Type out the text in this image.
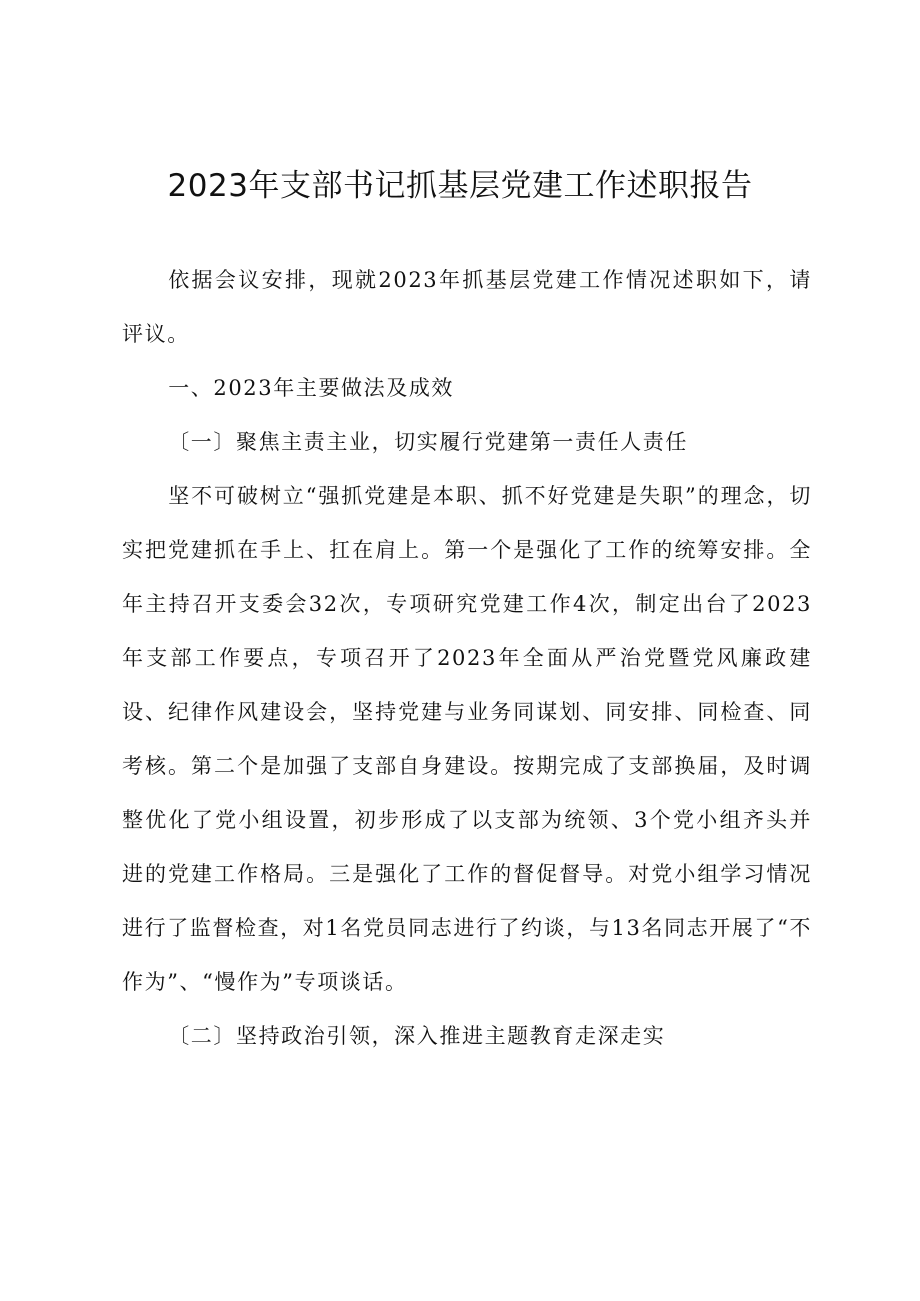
2023年支部书记抓基层党建工作述职报告

依据会议安排，现就2023年抓基层党建工作情况述职如下，请评议。

一、2023年主要做法及成效

〔一〕聚焦主责主业，切实履行党建第一责任人责任

坚不可破树立“强抓党建是本职、抓不好党建是失职”的理念，切实把党建抓在手上、扛在肩上。第一个是强化了工作的统筹安排。全年主持召开支委会32次，专项研究党建工作4次，制定出台了2023年支部工作要点，专项召开了2023年全面从严治党暨党风廉政建设、纪律作风建设会，坚持党建与业务同谋划、同安排、同检查、同考核。第二个是加强了支部自身建设。按期完成了支部换届，及时调整优化了党小组设置，初步形成了以支部为统领、3个党小组齐头并进的党建工作格局。三是强化了工作的督促督导。对党小组学习情况进行了监督检查，对1名党员同志进行了约谈，与13名同志开展了“不作为”、“慢作为”专项谈话。

〔二〕坚持政治引领，深入推进主题教育走深走实
